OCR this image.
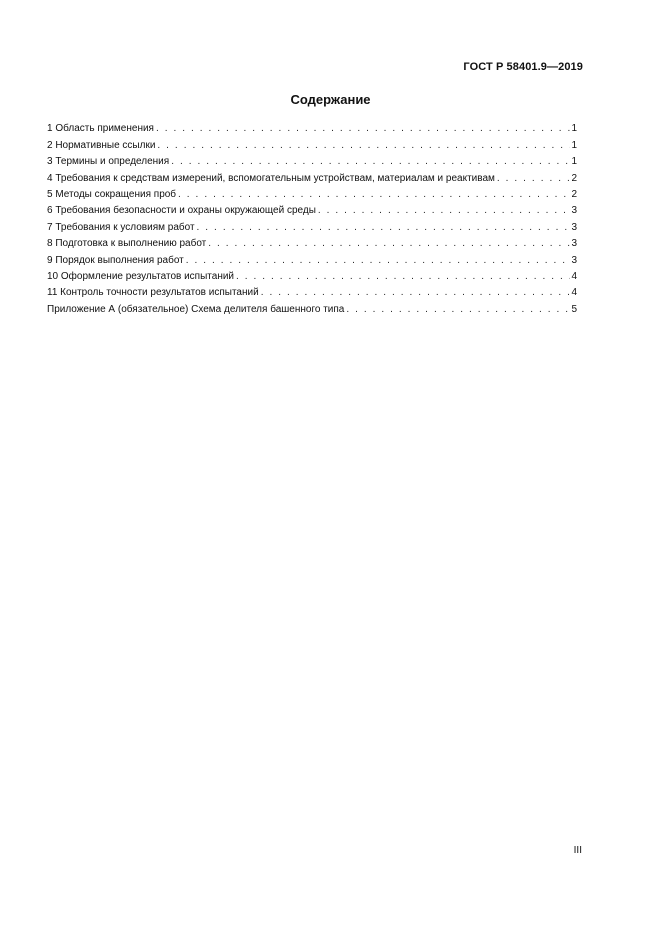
ГОСТ Р 58401.9—2019
Содержание
1 Область применения . . .	1
2 Нормативные ссылки . . .	1
3 Термины и определения . . .	1
4 Требования к средствам измерений, вспомогательным устройствам, материалам и реактивам . . .	2
5 Методы сокращения проб . . .	2
6 Требования безопасности и охраны окружающей среды . . .	3
7 Требования к условиям работ . . .	3
8 Подготовка к выполнению работ . . .	3
9 Порядок выполнения работ . . .	3
10 Оформление результатов испытаний . . .	4
11 Контроль точности результатов испытаний . . .	4
Приложение А (обязательное) Схема делителя башенного типа . . .	5
III
